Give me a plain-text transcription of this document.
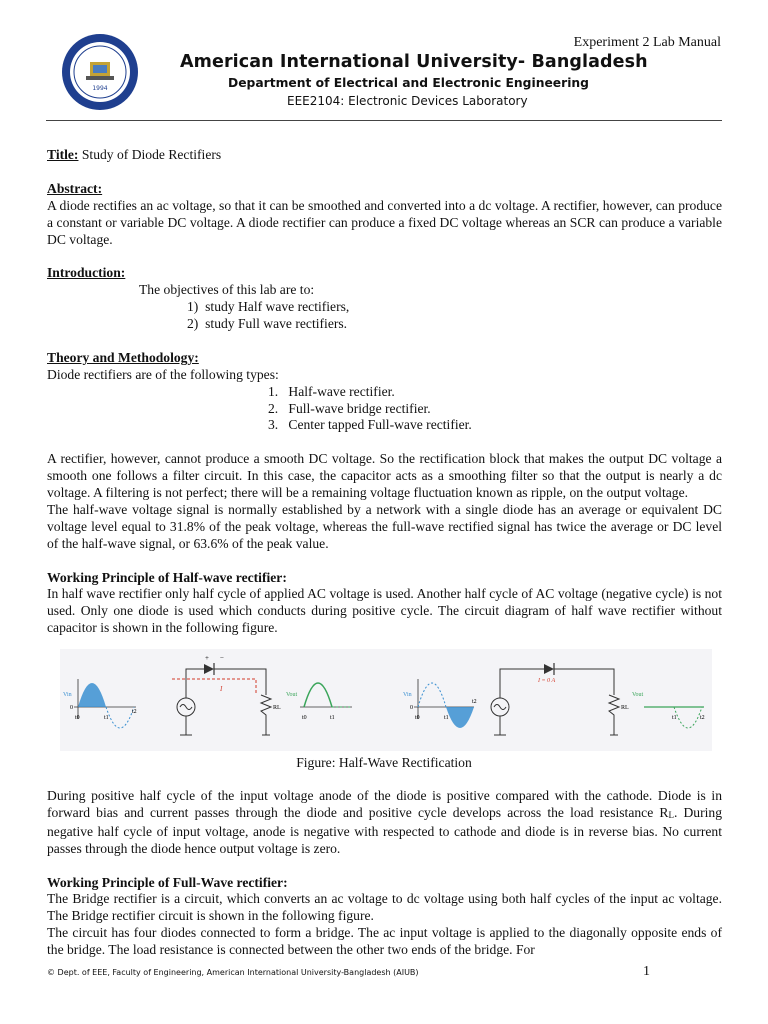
1994
Experiment 2 Lab Manual
American International University- Bangladesh
Department of Electrical and Electronic Engineering
EEE2104: Electronic Devices Laboratory

Title: Study of Diode Rectifiers

Abstract:

A diode rectifies an ac voltage, so that it can be smoothed and converted into a dc voltage. A rectifier, however, can produce a constant or variable DC voltage. A diode rectifier can produce a fixed DC voltage whereas an SCR can produce a variable DC voltage.

Introduction:

The objectives of this lab are to:

1)  study Half wave rectifiers,

2)  study Full wave rectifiers.

Theory and Methodology:

Diode rectifiers are of the following types:

1.   Half-wave rectifier.

2.   Full-wave bridge rectifier.

3.   Center tapped Full-wave rectifier.

A rectifier, however, cannot produce a smooth DC voltage. So the rectification block that makes the output DC voltage a smooth one follows a filter circuit. In this case, the capacitor acts as a smoothing filter so that the output is nearly a dc voltage. A filtering is not perfect; there will be a remaining voltage fluctuation known as ripple, on the output voltage.

The half-wave voltage signal is normally established by a network with a single diode has an average or equivalent DC voltage level equal to 31.8% of the peak voltage, whereas the full-wave rectified signal has twice the average or DC level of the half-wave signal, or 63.6% of the peak value.

Working Principle of Half-wave rectifier:

In half wave rectifier only half cycle of applied AC voltage is used. Another half cycle of AC voltage (negative cycle) is not used. Only one diode is used which conducts during positive cycle. The circuit diagram of half wave rectifier without capacitor is shown in the following figure.

Vin
0
t0	t1
t2
+ −
I
RL
Vout
t0	t1
Vin
0
t0	t1
t2
I = 0 A
RL
Vout
t1	t2
Figure: Half-Wave Rectification

During positive half cycle of the input voltage anode of the diode is positive compared with the cathode. Diode is in forward bias and current passes through the diode and positive cycle develops across the load resistance RL. During negative half cycle of input voltage, anode is negative with respected to cathode and diode is in reverse bias. No current passes through the diode hence output voltage is zero.

Working Principle of Full-Wave rectifier:

The Bridge rectifier is a circuit, which converts an ac voltage to dc voltage using both half cycles of the input ac voltage. The Bridge rectifier circuit is shown in the following figure.

The circuit has four diodes connected to form a bridge. The ac input voltage is applied to the diagonally opposite ends of the bridge. The load resistance is connected between the other two ends of the bridge. For

© Dept. of EEE, Faculty of Engineering, American International University-Bangladesh (AIUB)	1
